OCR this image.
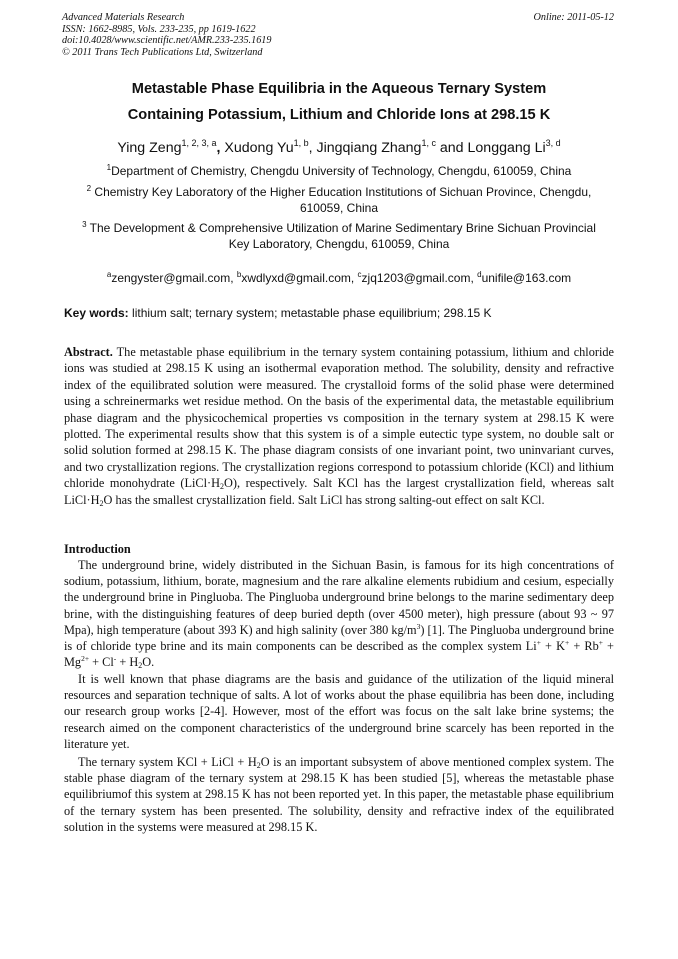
Advanced Materials Research
ISSN: 1662-8985, Vols. 233-235, pp 1619-1622
doi:10.4028/www.scientific.net/AMR.233-235.1619
© 2011 Trans Tech Publications Ltd, Switzerland
Online: 2011-05-12
Metastable Phase Equilibria in the Aqueous Ternary System
Containing Potassium, Lithium and Chloride Ions at 298.15 K
Ying Zeng$^{1, 2, 3, a}$, Xudong Yu$^{1, b}$, Jingqiang Zhang$^{1, c}$ and Longgang Li$^{3, d}$
$^1$Department of Chemistry, Chengdu University of Technology, Chengdu, 610059, China
$^2$ Chemistry Key Laboratory of the Higher Education Institutions of Sichuan Province, Chengdu,
610059, China
$^3$ The Development & Comprehensive Utilization of Marine Sedimentary Brine Sichuan Provincial
Key Laboratory, Chengdu, 610059, China
$^a$zengyster@gmail.com, $^b$xwdlyxd@gmail.com, $^c$zjq1203@gmail.com, $^d$unifile@163.com
Key words: lithium salt; ternary system; metastable phase equilibrium; 298.15 K
Abstract. The metastable phase equilibrium in the ternary system containing potassium, lithium and chloride ions was studied at 298.15 K using an isothermal evaporation method. The solubility, density and refractive index of the equilibrated solution were measured. The crystalloid forms of the solid phase were determined using a schreinermarks wet residue method. On the basis of the experimental data, the metastable equilibrium phase diagram and the physicochemical properties vs composition in the ternary system at 298.15 K were plotted. The experimental results show that this system is of a simple eutectic type system, no double salt or solid solution formed at 298.15 K. The phase diagram consists of one invariant point, two uninvariant curves, and two crystallization regions. The crystallization regions correspond to potassium chloride (KCl) and lithium chloride monohydrate $(LiCl\cdot H_2O)$, respectively. Salt KCl has the largest crystallization field, whereas salt $LiCl\cdot H_2O$ has the smallest crystallization field. Salt LiCl has strong salting-out effect on salt KCl.
Introduction

The underground brine, widely distributed in the Sichuan Basin, is famous for its high concentrations of sodium, potassium, lithium, borate, magnesium and the rare alkaline elements rubidium and cesium, especially the underground brine in Pingluoba. The Pingluoba underground brine belongs to the marine sedimentary deep brine, with the distinguishing features of deep buried depth (over 4500 meter), high pressure (about 93 ~ 97 Mpa), high temperature (about 393 K) and high salinity (over 380 $kg/m^3$) [1]. The Pingluoba underground brine is of chloride type brine and its main components can be described as the complex system $Li^+ + K^+ + Rb^+ + Mg^{2+} + Cl^- + H_2O$.

It is well known that phase diagrams are the basis and guidance of the utilization of the liquid mineral resources and separation technique of salts. A lot of works about the phase equilibria has been done, including our research group works [2-4]. However, most of the effort was focus on the salt lake brine systems; the research aimed on the component characteristics of the underground brine scarcely has been reported in the literature yet.

The ternary system KCl + LiCl + $H_2O$ is an important subsystem of above mentioned complex system. The stable phase diagram of the ternary system at 298.15 K has been studied [5], whereas the metastable phase equilibriumof this system at 298.15 K has not been reported yet. In this paper, the metastable phase equilibrium of the ternary system has been presented. The solubility, density and refractive index of the equilibrated solution in the systems were measured at 298.15 K.
